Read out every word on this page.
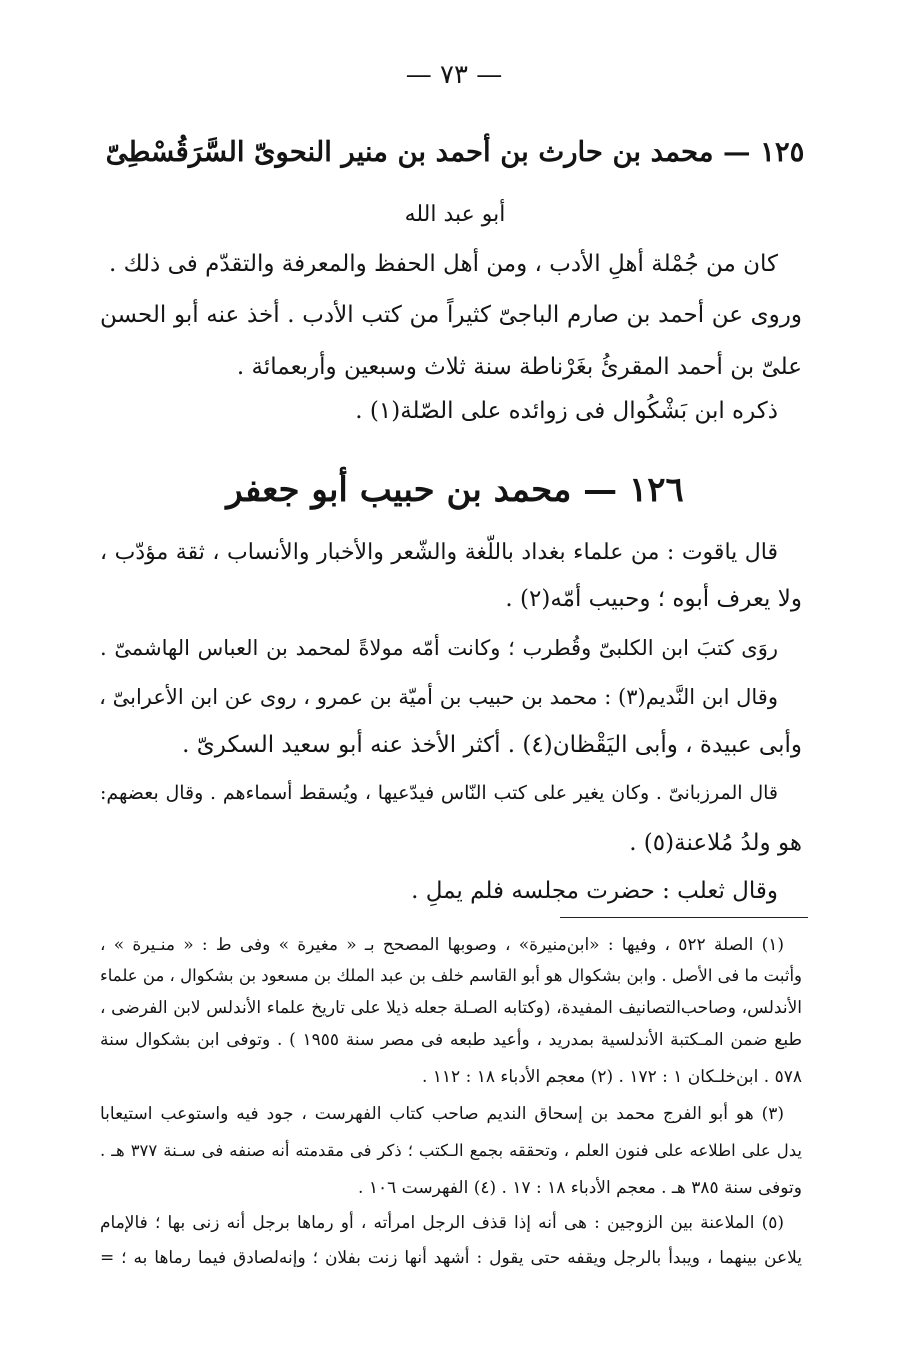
— ٧٣ —
١٢٥ — محمد بن حارث بن أحمد بن منير النحوىّ السَّرَقُسْطِىّ
أبو عبد الله
كان من جُمْلة أهلِ الأدب ، ومن أهل الحفظ والمعرفة والتقدّم فى ذلك .
وروى عن أحمد بن صارم الباجىّ كثيراً من كتب الأدب . أخذ عنه أبو الحسن
علىّ بن أحمد المقرئُ بغَرْناطة سنة ثلاث وسبعين وأربعمائة .
ذكره ابن بَشْكُوال فى زوائده على الصّلة(١) .
١٢٦ — محمد بن حبيب أبو جعفر
قال ياقوت : من علماء بغداد باللّغة والشّعر والأخبار والأنساب ، ثقة مؤدّب ،
ولا يعرف أبوه ؛ وحبيب أمّه(٢) .
روَى كتبَ ابن الكلبىّ وقُطرب ؛ وكانت أمّه مولاةً لمحمد بن العباس الهاشمىّ .
وقال ابن النَّديم(٣) : محمد بن حبيب بن أميّة بن عمرو ، روى عن ابن الأعرابىّ ،
وأبى عبيدة ، وأبى اليَقْظان(٤) . أكثر الأخذ عنه أبو سعيد السكرىّ .
قال المرزبانىّ . وكان يغير على كتب النّاس فيدّعيها ، ويُسقط أسماءهم . وقال بعضهم:
هو ولدُ مُلاعنة(٥) .
وقال ثعلب : حضرت مجلسه فلم يملِ .
(١) الصلة ٥٢٢ ، وفيها : «ابن‌منيرة» ، وصوبها المصحح بـ « مغيرة » وفى ط : « منـيرة » ،
وأثبت ما فى الأصل . وابن بشكوال هو أبو القاسم خلف بن عبد الملك بن مسعود بن بشكوال ، من علماء
الأندلس، وصاحب‌التصانيف المفيدة، (وكتابه الصـلة جعله ذيلا على تاريخ علماء الأندلس لابن الفرضى ،
طبع ضمن المـكتبة الأندلسية بمدريد ، وأعيد طبعه فى مصر سنة ١٩٥٥ ) . وتوفى ابن بشكوال سنة
٥٧٨ . ابن‌خلـكان ١ : ١٧٢ . (٢) معجم الأدباء ١٨ : ١١٢ .
(٣) هو أبو الفرج محمد بن إسحاق النديم صاحب كتاب الفهرست ، جود فيه واستوعب استيعابا
يدل على اطلاعه على فنون العلم ، وتحققه بجمع الـكتب ؛ ذكر فى مقدمته أنه صنفه فى سـنة ٣٧٧ هـ .
وتوفى سنة ٣٨٥ هـ . معجم الأدباء ١٨ : ١٧ . (٤) الفهرست ١٠٦ .
(٥) الملاعنة بين الزوجين : هى أنه إذا قذف الرجل امرأته ، أو رماها برجل أنه زنى بها ؛ فالإمام
يلاعن بينهما ، ويبدأ بالرجل ويقفه حتى يقول : أشهد أنها زنت بفلان ؛ وإنه‌لصادق فيما رماها به ؛ =
